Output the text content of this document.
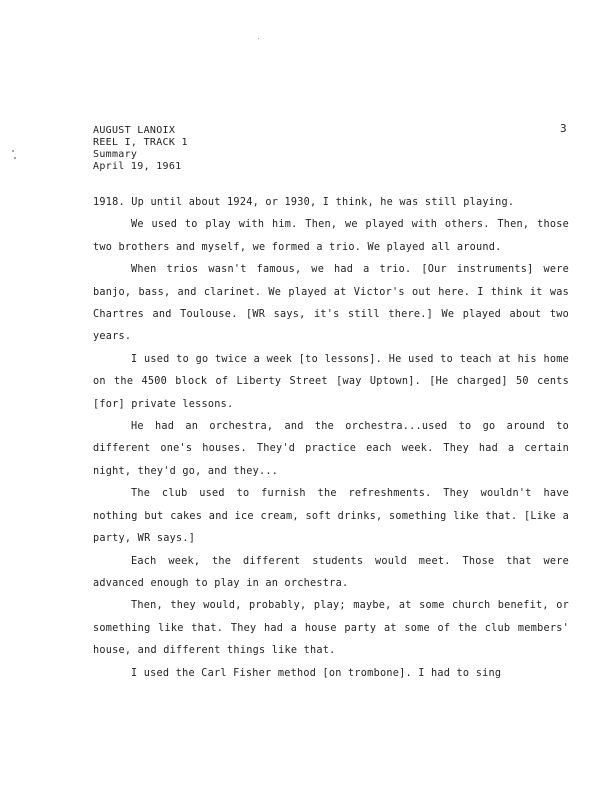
AUGUST LANOIX
REEL I, TRACK 1
Summary
April 19, 1961
3

1918. Up until about 1924, or 1930, I think, he was still playing.

We used to play with him. Then, we played with others. Then, those two brothers and myself, we formed a trio. We played all around.

When trios wasn't famous, we had a trio. [Our instruments] were banjo, bass, and clarinet. We played at Victor's out here. I think it was Chartres and Toulouse. [WR says, it's still there.] We played about two years.

I used to go twice a week [to lessons]. He used to teach at his home on the 4500 block of Liberty Street [way Uptown]. [He charged] 50 cents [for] private lessons.

He had an orchestra, and the orchestra...used to go around to different one's houses. They'd practice each week. They had a certain night, they'd go, and they...

The club used to furnish the refreshments. They wouldn't have nothing but cakes and ice cream, soft drinks, something like that. [Like a party, WR says.]

Each week, the different students would meet. Those that were advanced enough to play in an orchestra.

Then, they would, probably, play; maybe, at some church benefit, or something like that. They had a house party at some of the club members' house, and different things like that.

I used the Carl Fisher method [on trombone]. I had to sing
